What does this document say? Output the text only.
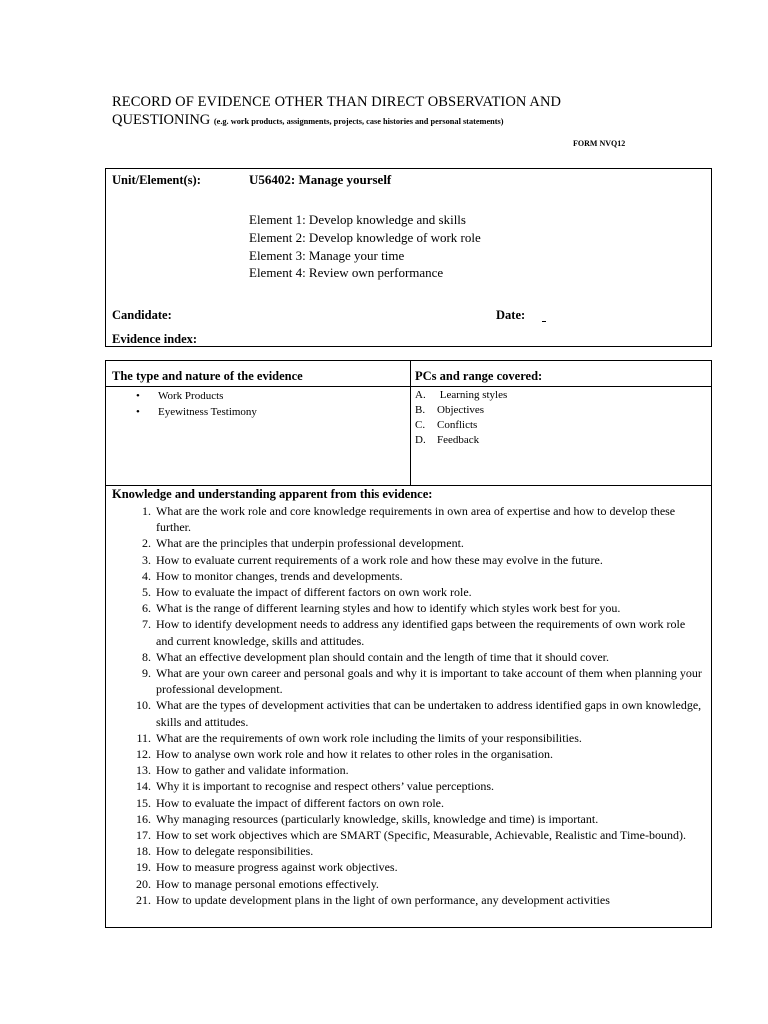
RECORD OF EVIDENCE OTHER THAN DIRECT OBSERVATION AND
QUESTIONING (e.g. work products, assignments, projects, case histories and personal statements)
FORM NVQ12
Unit/Element(s):	U56402: Manage yourself
Element 1: Develop knowledge and skills
Element 2: Develop knowledge of work role
Element 3: Manage your time
Element 4: Review own performance
Candidate:	Date:
Evidence index:
The type and nature of the evidence	PCs and range covered:
• Work Products
• Eyewitness Testimony
A. Learning styles
B. Objectives
C. Conflicts
D. Feedback
Knowledge and understanding apparent from this evidence:
1. What are the work role and core knowledge requirements in own area of expertise and how to develop these further.
2. What are the principles that underpin professional development.
3. How to evaluate current requirements of a work role and how these may evolve in the future.
4. How to monitor changes, trends and developments.
5. How to evaluate the impact of different factors on own work role.
6. What is the range of different learning styles and how to identify which styles work best for you.
7. How to identify development needs to address any identified gaps between the requirements of own work role and current knowledge, skills and attitudes.
8. What an effective development plan should contain and the length of time that it should cover.
9. What are your own career and personal goals and why it is important to take account of them when planning your professional development.
10. What are the types of development activities that can be undertaken to address identified gaps in own knowledge, skills and attitudes.
11. What are the requirements of own work role including the limits of your responsibilities.
12. How to analyse own work role and how it relates to other roles in the organisation.
13. How to gather and validate information.
14. Why it is important to recognise and respect others’ value perceptions.
15. How to evaluate the impact of different factors on own role.
16. Why managing resources (particularly knowledge, skills, knowledge and time) is important.
17. How to set work objectives which are SMART (Specific, Measurable, Achievable, Realistic and Time-bound).
18. How to delegate responsibilities.
19. How to measure progress against work objectives.
20. How to manage personal emotions effectively.
21. How to update development plans in the light of own performance, any development activities
